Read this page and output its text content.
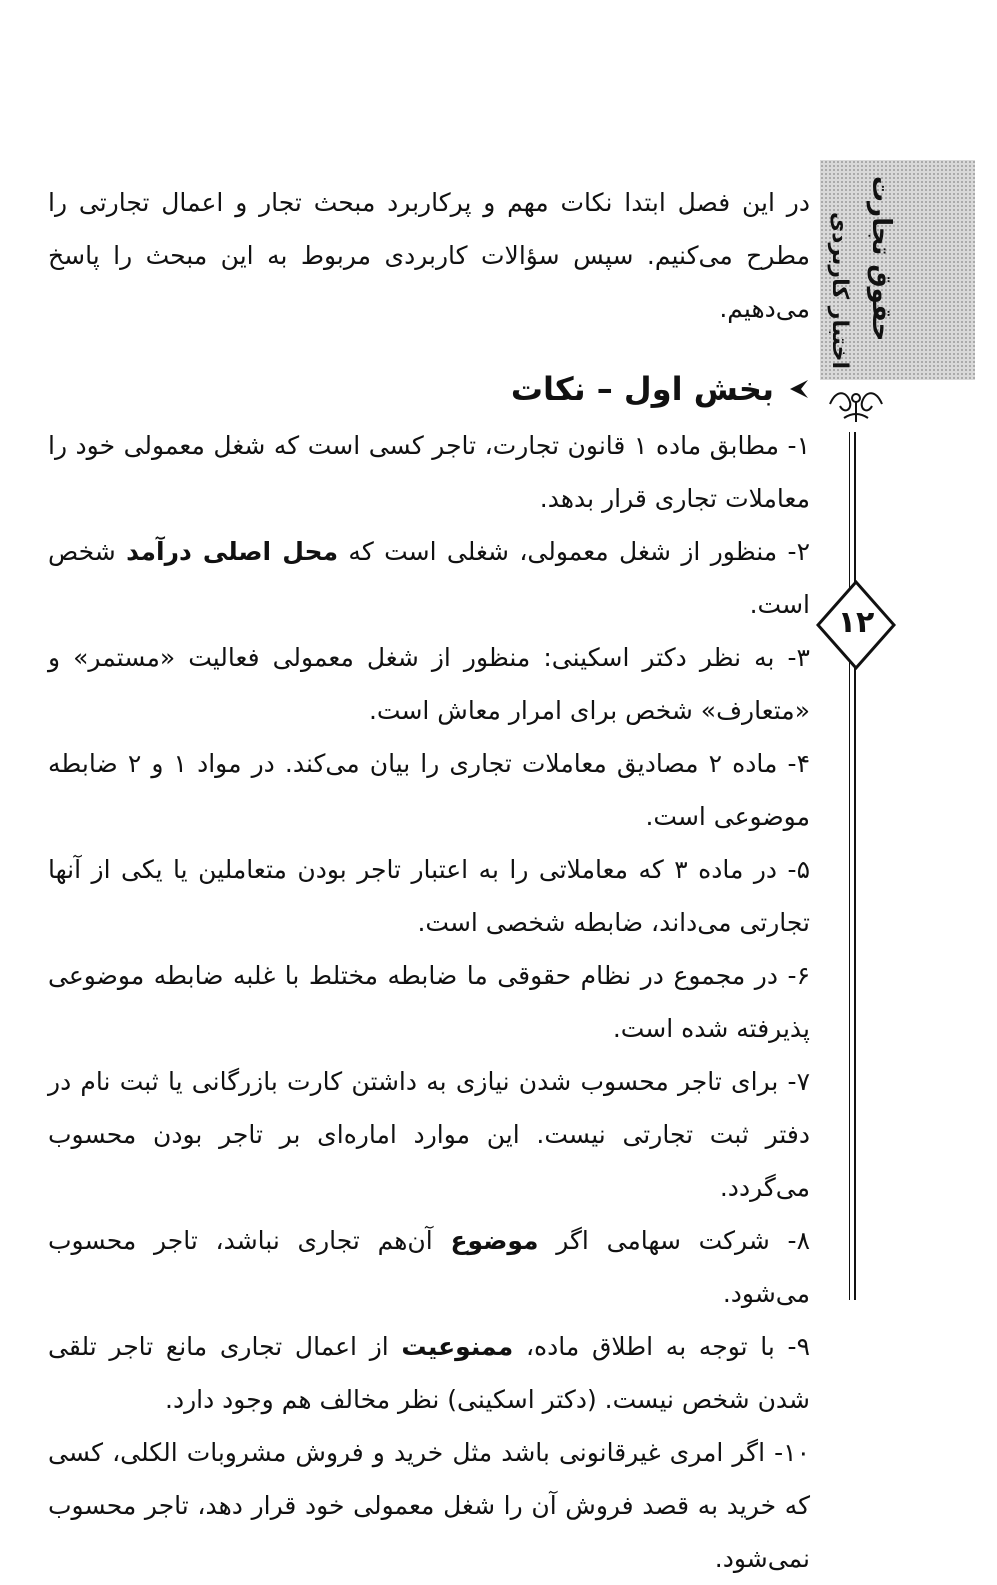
حقوق تجارت
اختبار کاربردی
۱۲

در این فصل ابتدا نکات مهم و پرکاربرد مبحث تجار و اعمال تجارتی را مطرح می‌کنیم. سپس سؤالات کاربردی مربوط به این مبحث را پاسخ می‌دهیم.

بخش اول – نکات

۱- مطابق ماده ۱ قانون تجارت، تاجر کسی است که شغل معمولی خود را معاملات تجاری قرار بدهد.

۲- منظور از شغل معمولی، شغلی است که محل اصلی درآمد شخص است.

۳- به نظر دکتر اسکینی: منظور از شغل معمولی فعالیت «مستمر» و «متعارف» شخص برای امرار معاش است.

۴- ماده ۲ مصادیق معاملات تجاری را بیان می‌کند. در مواد ۱ و ۲ ضابطه موضوعی است.

۵- در ماده ۳ که معاملاتی را به اعتبار تاجر بودن متعاملین یا یکی از آنها تجارتی می‌داند، ضابطه شخصی است.

۶- در مجموع در نظام حقوقی ما ضابطه مختلط با غلبه ضابطه موضوعی پذیرفته شده است.

۷- برای تاجر محسوب شدن نیازی به داشتن کارت بازرگانی یا ثبت نام در دفتر ثبت تجارتی نیست. این موارد اماره‌ای بر تاجر بودن محسوب می‌گردد.

۸- شرکت سهامی اگر موضوع آن‌هم تجاری نباشد، تاجر محسوب می‌شود.

۹- با توجه به اطلاق ماده، ممنوعیت از اعمال تجاری مانع تاجر تلقی شدن شخص نیست. (دکتر اسکینی) نظر مخالف هم وجود دارد.

۱۰- اگر امری غیرقانونی باشد مثل خرید و فروش مشروبات الکلی، کسی که خرید به قصد فروش آن را شغل معمولی خود قرار دهد، تاجر محسوب نمی‌شود.
